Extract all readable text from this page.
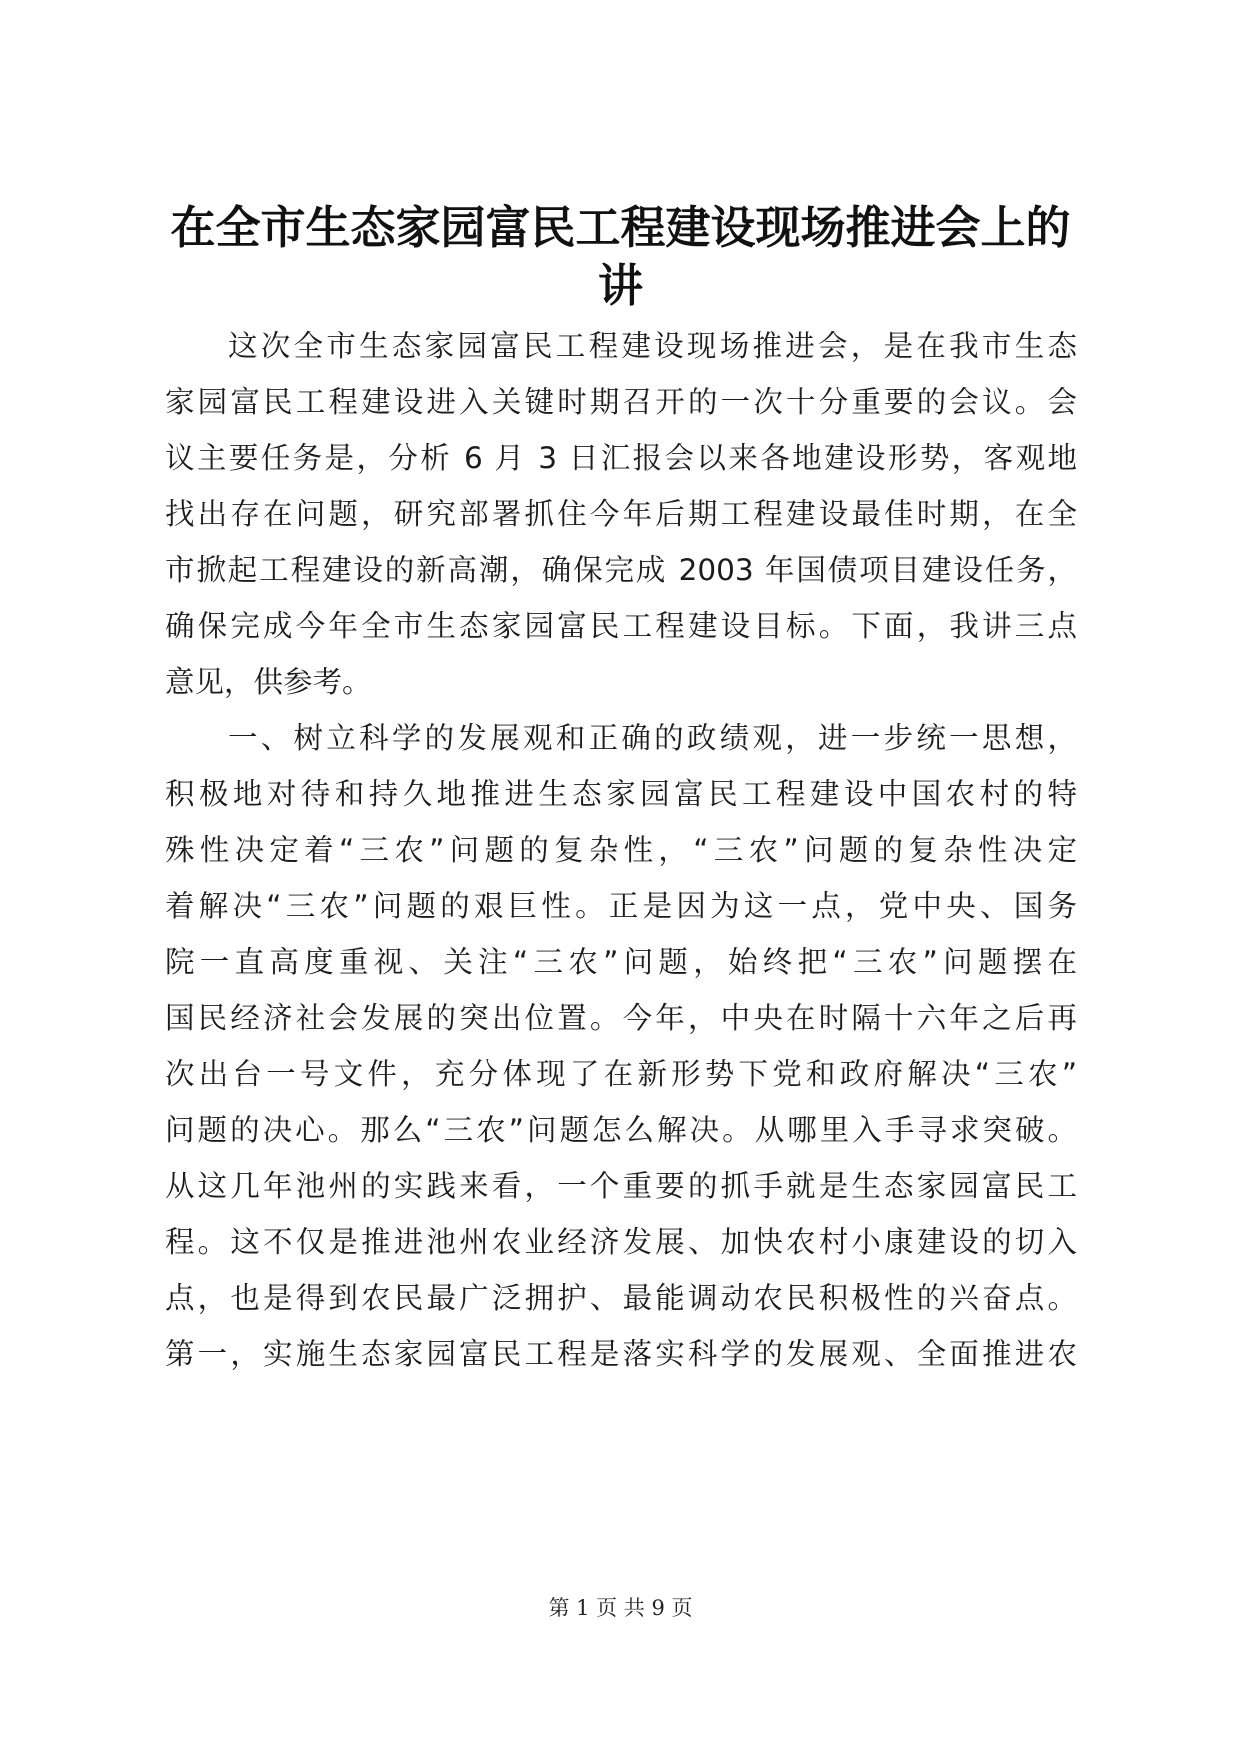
在全市生态家园富民工程建设现场推进会上的
讲
这次全市生态家园富民工程建设现场推进会，是在我市生态
家园富民工程建设进入关键时期召开的一次十分重要的会议。会
议主要任务是，分析 6 月 3 日汇报会以来各地建设形势，客观地
找出存在问题，研究部署抓住今年后期工程建设最佳时期，在全
市掀起工程建设的新高潮，确保完成 2003 年国债项目建设任务，
确保完成今年全市生态家园富民工程建设目标。下面，我讲三点
意见，供参考。
一、树立科学的发展观和正确的政绩观，进一步统一思想，
积极地对待和持久地推进生态家园富民工程建设中国农村的特
殊性决定着“三农”问题的复杂性，“三农”问题的复杂性决定
着解决“三农”问题的艰巨性。正是因为这一点，党中央、国务
院一直高度重视、关注“三农”问题，始终把“三农”问题摆在
国民经济社会发展的突出位置。今年，中央在时隔十六年之后再
次出台一号文件，充分体现了在新形势下党和政府解决“三农”
问题的决心。那么“三农”问题怎么解决。从哪里入手寻求突破。
从这几年池州的实践来看，一个重要的抓手就是生态家园富民工
程。这不仅是推进池州农业经济发展、加快农村小康建设的切入
点，也是得到农民最广泛拥护、最能调动农民积极性的兴奋点。
第一，实施生态家园富民工程是落实科学的发展观、全面推进农
第 1 页 共 9 页
